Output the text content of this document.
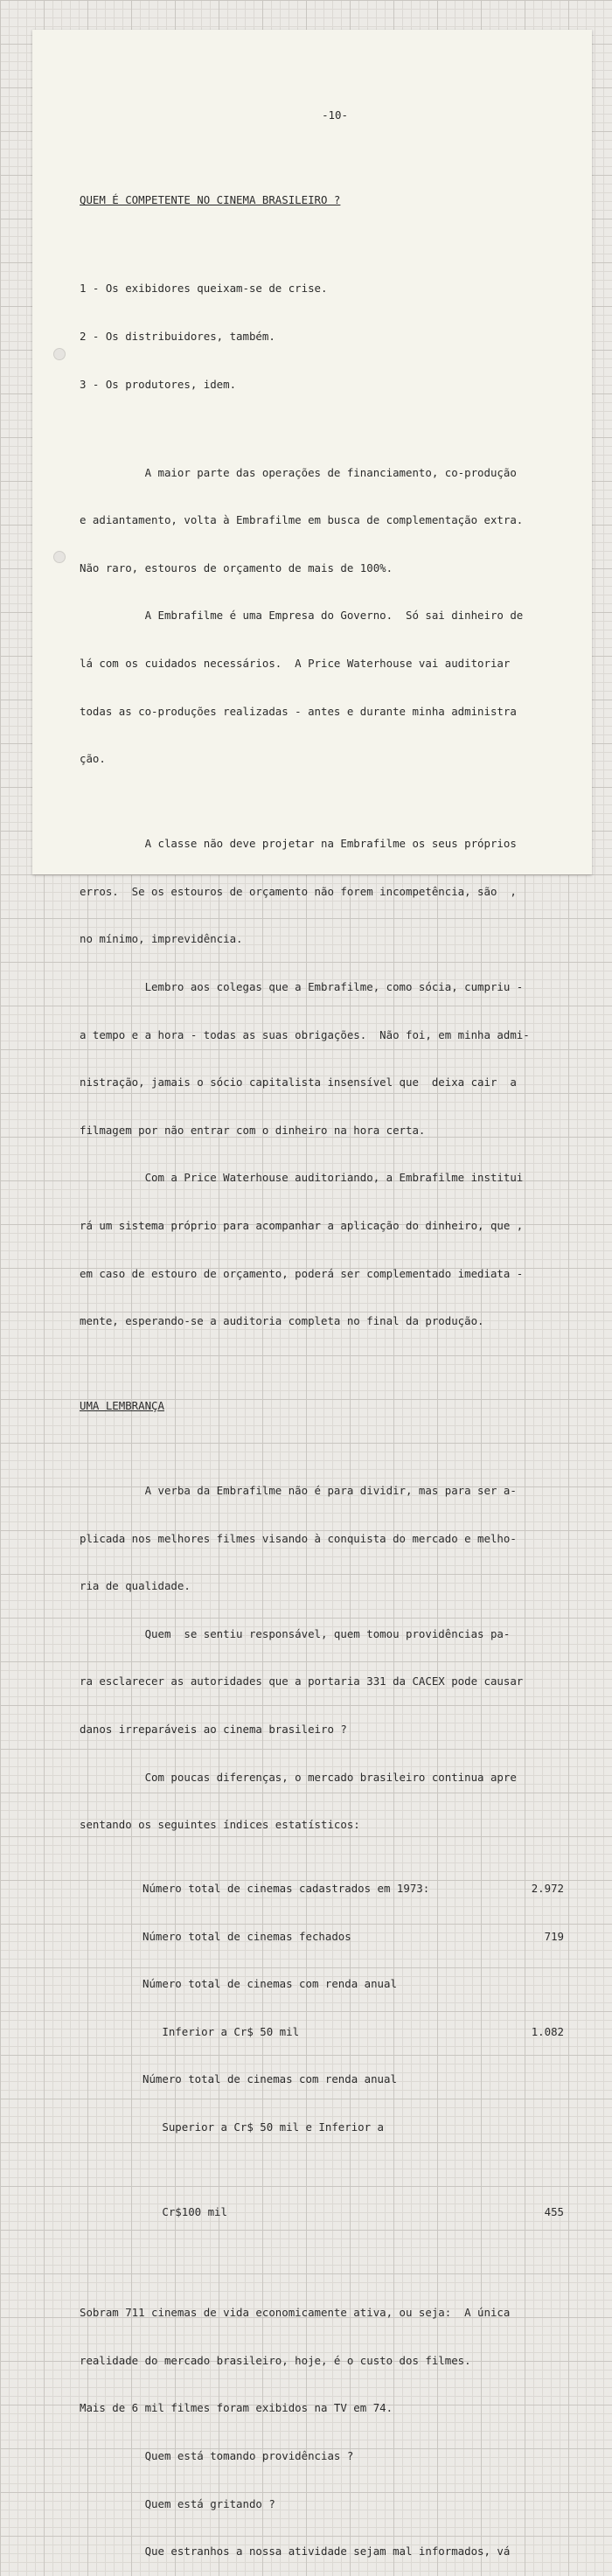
-10-

QUEM É COMPETENTE NO CINEMA BRASILEIRO ?

1 - Os exibidores queixam-se de crise.

2 - Os distribuidores, também.

3 - Os produtores, idem.

A maior parte das operações de financiamento, co-produção

e adiantamento, volta à Embrafilme em busca de complementação extra.

Não raro, estouros de orçamento de mais de 100%.

A Embrafilme é uma Empresa do Governo.  Só sai dinheiro de

lá com os cuidados necessários.  A Price Waterhouse vai auditoriar

todas as co-produções realizadas - antes e durante minha administra

ção.

A classe não deve projetar na Embrafilme os seus próprios

erros.  Se os estouros de orçamento não forem incompetência, são  ,

no mínimo, imprevidência.

Lembro aos colegas que a Embrafilme, como sócia, cumpriu -

a tempo e a hora - todas as suas obrigações.  Não foi, em minha admi-

nistração, jamais o sócio capitalista insensível que  deixa cair  a

filmagem por não entrar com o dinheiro na hora certa.

Com a Price Waterhouse auditoriando, a Embrafilme institui

rá um sistema próprio para acompanhar a aplicação do dinheiro, que ,

em caso de estouro de orçamento, poderá ser complementado imediata -

mente, esperando-se a auditoria completa no final da produção.

UMA LEMBRANÇA

A verba da Embrafilme não é para dividir, mas para ser a-

plicada nos melhores filmes visando à conquista do mercado e melho-

ria de qualidade.

Quem  se sentiu responsável, quem tomou providências pa-

ra esclarecer as autoridades que a portaria 331 da CACEX pode causar

danos irreparáveis ao cinema brasileiro ?

Com poucas diferenças, o mercado brasileiro continua apre

sentando os seguintes índices estatísticos:

Número total de cinemas cadastrados em 1973:	2.972

Número total de cinemas fechados	719

Número total de cinemas com renda anual

Inferior a Cr$ 50 mil	1.082

Número total de cinemas com renda anual

Superior a Cr$ 50 mil e Inferior a

Cr$100 mil	455

Sobram 711 cinemas de vida economicamente ativa, ou seja:  A única

realidade do mercado brasileiro, hoje, é o custo dos filmes.

Mais de 6 mil filmes foram exibidos na TV em 74.

Quem está tomando providências ?

Quem está gritando ?

Que estranhos a nossa atividade sejam mal informados, vá
